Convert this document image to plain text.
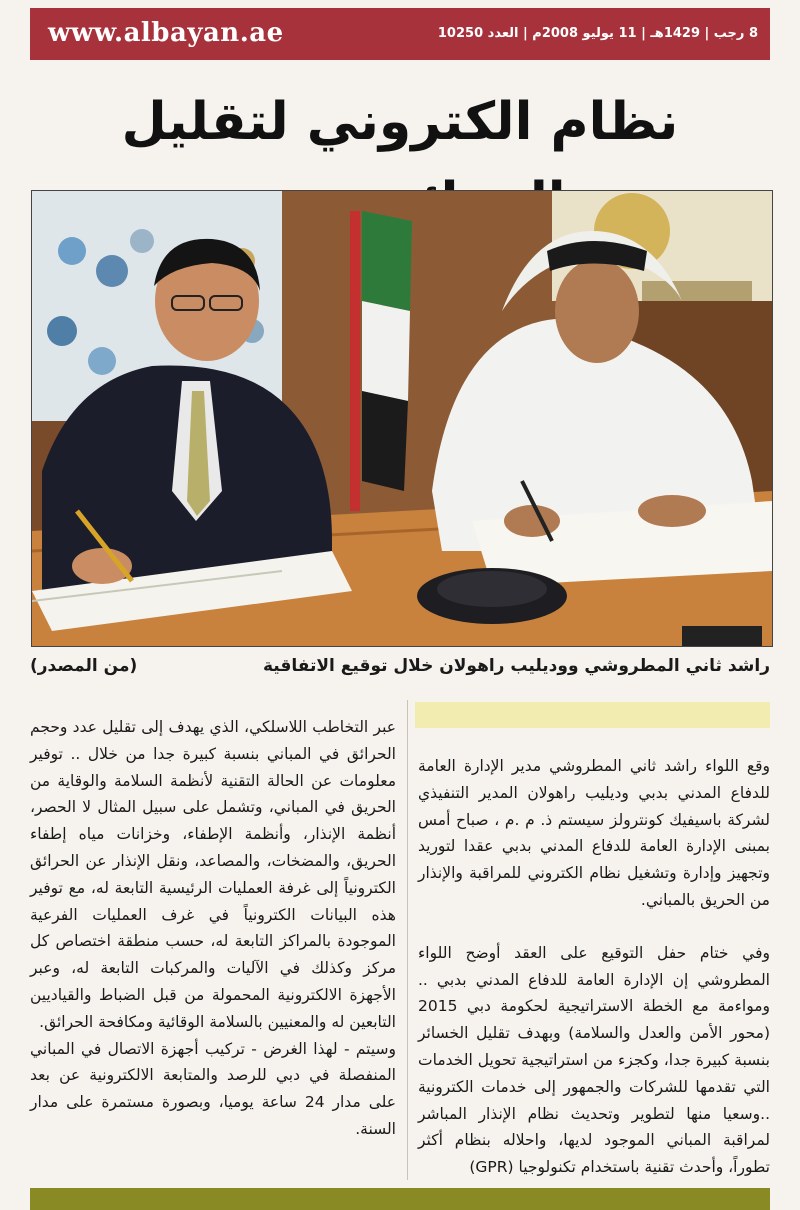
www.albayan.ae	8 رجب | 1429هـ | 11 يوليو 2008م | العدد 10250
نظام الكتروني لتقليل
راشد ثاني المطروشي ووديليب راهولان خلال توقيع الاتفاقية
(من المصدر)

وقع اللواء راشد ثاني المطروشي مدير الإدارة العامة للدفاع المدني بدبي وديليب راهولان المدير التنفيذي لشركة باسيفيك كونترولز سيستم ذ. م .م ، صباح أمس بمبنى الإدارة العامة للدفاع المدني بدبي عقدا لتوريد وتجهيز وإدارة وتشغيل نظام الكتروني للمراقبة والإنذار من الحريق بالمباني.

وفي ختام حفل التوقيع على العقد أوضح اللواء المطروشي إن الإدارة العامة للدفاع المدني بدبي .. ومواءمة مع الخطة الاستراتيجية لحكومة دبي 2015 (محور الأمن والعدل والسلامة) وبهدف تقليل الخسائر بنسبة كبيرة جدا، وكجزء من استراتيجية تحويل الخدمات التي تقدمها للشركات والجمهور إلى خدمات الكترونية ..وسعيا منها لتطوير وتحديث نظام الإنذار المباشر لمراقبة المباني الموجود لديها، واحلاله بنظام أكثر تطوراً، وأحدث تقنية باستخدام تكنولوجيا (GPR)

عبر التخاطب اللاسلكي، الذي يهدف إلى تقليل عدد وحجم الحرائق في المباني بنسبة كبيرة جدا من خلال .. توفير معلومات عن الحالة التقنية لأنظمة السلامة والوقاية من الحريق في المباني، وتشمل على سبيل المثال لا الحصر، أنظمة الإنذار، وأنظمة الإطفاء، وخزانات مياه إطفاء الحريق، والمضخات، والمصاعد، ونقل الإنذار عن الحرائق الكترونياً إلى غرفة العمليات الرئيسية التابعة له، مع توفير هذه البيانات الكترونياً في غرف العمليات الفرعية الموجودة بالمراكز التابعة له، حسب منطقة اختصاص كل مركز وكذلك في الآليات والمركبات التابعة له، وعبر الأجهزة الالكترونية المحمولة من قبل الضباط والقياديين التابعين له والمعنيين بالسلامة الوقائية ومكافحة الحرائق.

وسيتم - لهذا الغرض - تركيب أجهزة الاتصال في المباني المنفصلة في دبي للرصد والمتابعة الالكترونية عن بعد على مدار 24 ساعة يوميا، وبصورة مستمرة على مدار السنة.
